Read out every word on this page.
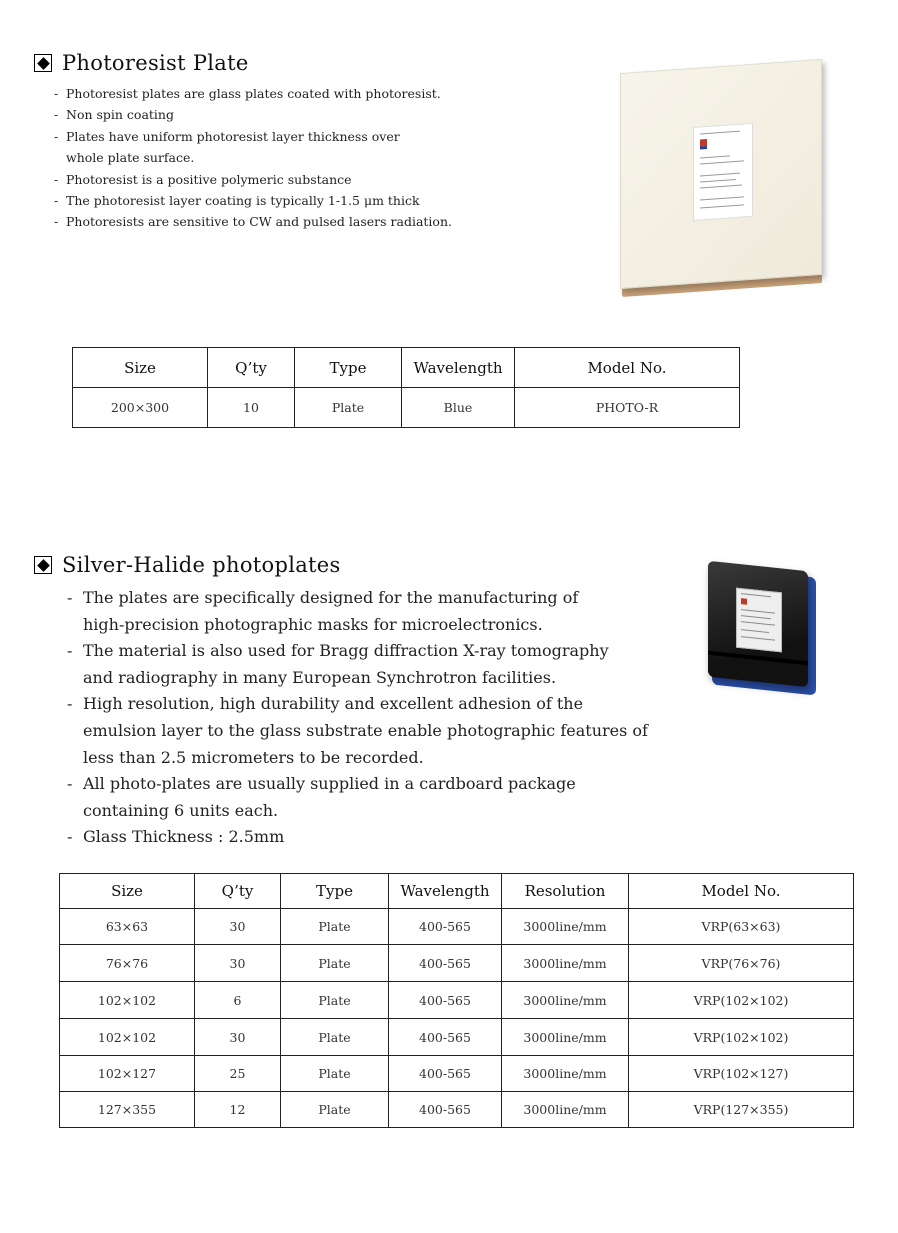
Photoresist Plate
- Photoresist plates are glass plates coated with photoresist.
- Non spin coating
- Plates have uniform photoresist layer thickness over whole plate surface.
- Photoresist is a positive polymeric substance
- The photoresist layer coating is typically 1-1.5 μm thick
- Photoresists are sensitive to CW and pulsed lasers radiation.
Size	Q’ty	Type	Wavelength	Model No.
200×300	10	Plate	Blue	PHOTO-R
Silver-Halide photoplates
- The plates are specifically designed for the manufacturing of high-precision photographic masks for microelectronics.
- The material is also used for Bragg diffraction X-ray tomography and radiography in many European Synchrotron facilities.
- High resolution, high durability and excellent adhesion of the emulsion layer to the glass substrate enable photographic features of less than 2.5 micrometers to be recorded.
- All photo-plates are usually supplied in a cardboard package containing 6 units each.
- Glass Thickness : 2.5mm
Size	Q’ty	Type	Wavelength	Resolution	Model No.
63×63	30	Plate	400-565	3000line/mm	VRP(63×63)
76×76	30	Plate	400-565	3000line/mm	VRP(76×76)
102×102	6	Plate	400-565	3000line/mm	VRP(102×102)
102×102	30	Plate	400-565	3000line/mm	VRP(102×102)
102×127	25	Plate	400-565	3000line/mm	VRP(102×127)
127×355	12	Plate	400-565	3000line/mm	VRP(127×355)
